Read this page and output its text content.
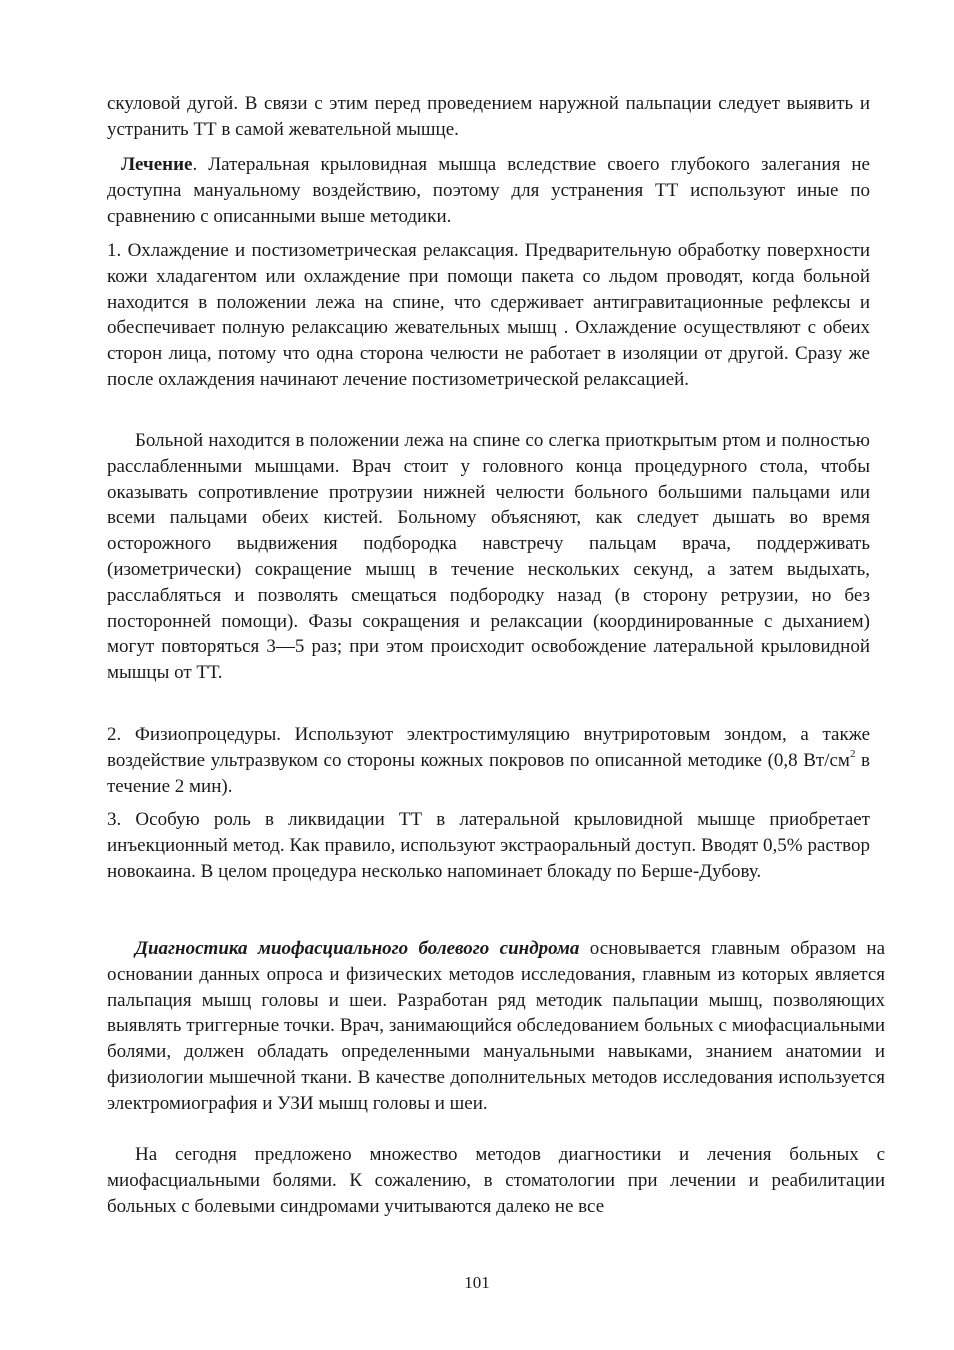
скуловой дугой. В связи с этим перед проведением наружной пальпации следует выявить и устранить ТТ в самой жевательной мышце.

Лечение. Латеральная крыловидная мышца вследствие своего глубокого залегания не доступна мануальному воздействию, поэтому для устранения ТТ используют иные по сравнению с описанными выше методики.

1. Охлаждение и постизометрическая релаксация. Предварительную обработку поверхности кожи хладагентом или охлаждение при помощи пакета со льдом проводят, когда больной находится в положении лежа на спине, что сдерживает антигравитационные рефлексы и обеспечивает полную релаксацию жевательных мышц . Охлаждение осуществляют с обеих сторон лица, потому что одна сторона челюсти не работает в изоляции от другой. Сразу же после охлаждения начинают лечение постизометрической релаксацией.

Больной находится в положении лежа на спине со слегка приоткрытым ртом и полностью расслабленными мышцами. Врач стоит у головного конца процедурного стола, чтобы оказывать сопротивление протрузии нижней челюсти больного большими пальцами или всеми пальцами обеих кистей. Больному объясняют, как следует дышать во время осторожного выдвижения подбородка навстречу пальцам врача, поддерживать (изометрически) сокращение мышц в течение нескольких секунд, а затем выдыхать, расслабляться и позволять смещаться подбородку назад (в сторону ретрузии, но без посторонней помощи). Фазы сокращения и релаксации (координированные с дыханием) могут повторяться 3—5 раз; при этом происходит освобождение латеральной крыловидной мышцы от ТТ.

2. Физиопроцедуры. Используют электростимуляцию внутриротовым зондом, а также воздействие ультразвуком со стороны кожных покровов по описанной методике (0,8 $Вт/см^2$ в течение 2 мин).

3. Особую роль в ликвидации ТТ в латеральной крыловидной мышце приобретает инъекционный метод. Как правило, используют экстраоральный доступ. Вводят 0,5% раствор новокаина. В целом процедура несколько напоминает блокаду по Берше-Дубову.

Диагностика миофасциального болевого синдрома основывается главным образом на основании данных опроса и физических методов исследования, главным из которых является пальпация мышц головы и шеи. Разработан ряд методик пальпации мышц, позволяющих выявлять триггерные точки. Врач, занимающийся обследованием больных с миофасциальными болями, должен обладать определенными мануальными навыками, знанием анатомии и физиологии мышечной ткани. В качестве дополнительных методов исследования используется электромиография и УЗИ мышц головы и шеи.

На сегодня предложено множество методов диагностики и лечения больных с миофасциальными болями. К сожалению, в стоматологии при лечении и реабилитации больных с болевыми синдромами учитываются далеко не все

101
